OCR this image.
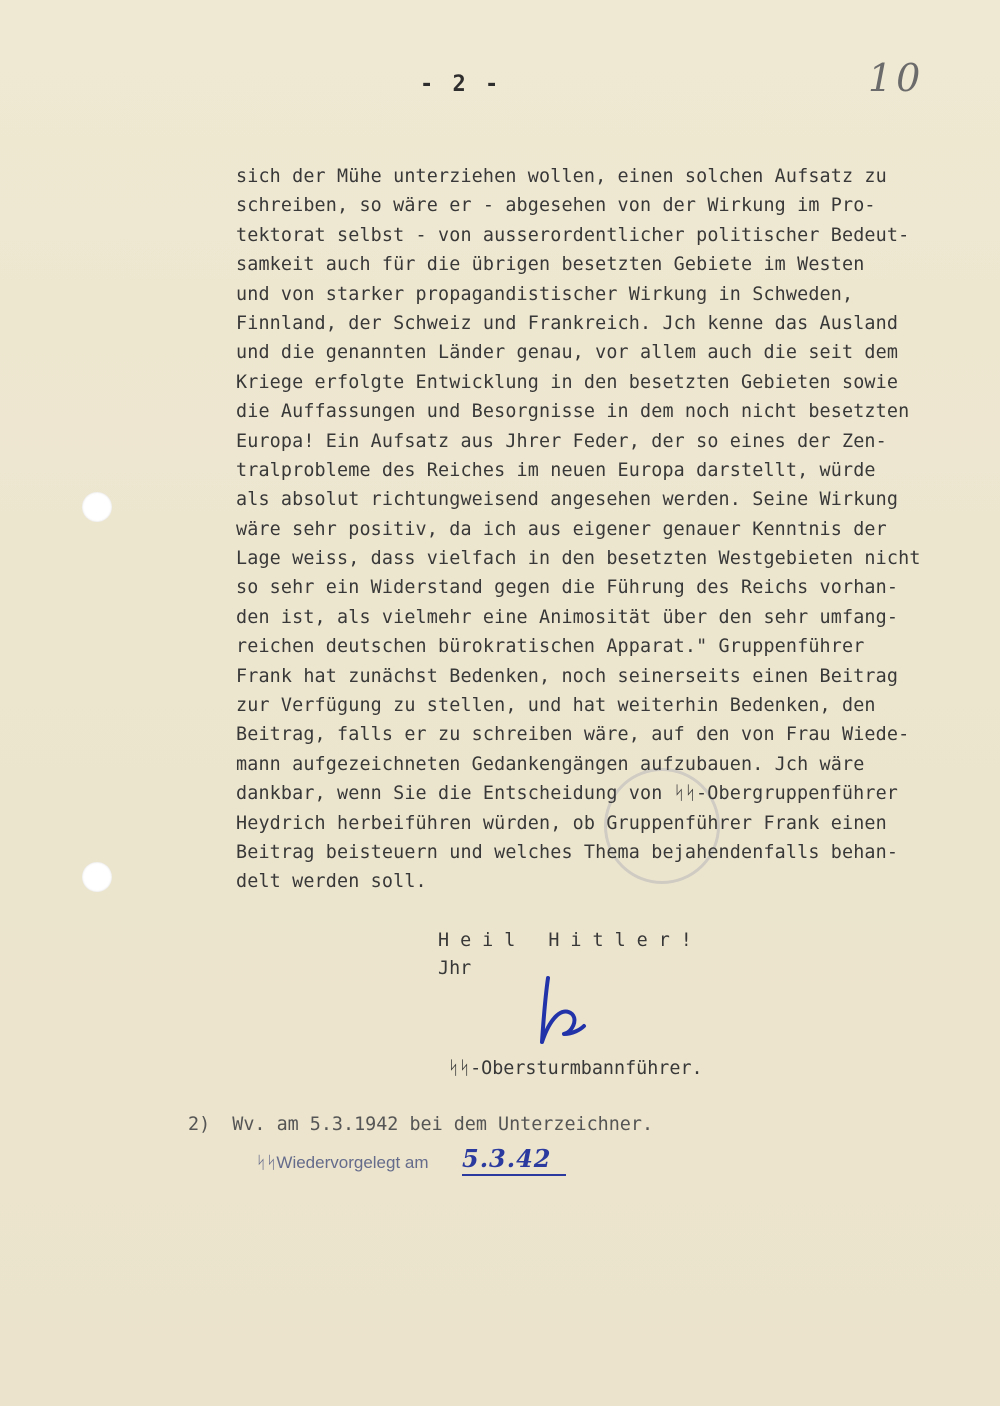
- 2 -	10
sich der Mühe unterziehen wollen, einen solchen Aufsatz zu
schreiben, so wäre er - abgesehen von der Wirkung im Pro-
tektorat selbst - von ausserordentlicher politischer Bedeut-
samkeit auch für die übrigen besetzten Gebiete im Westen
und von starker propagandistischer Wirkung in Schweden,
Finnland, der Schweiz und Frankreich. Jch kenne das Ausland
und die genannten Länder genau, vor allem auch die seit dem
Kriege erfolgte Entwicklung in den besetzten Gebieten sowie
die Auffassungen und Besorgnisse in dem noch nicht besetzten
Europa! Ein Aufsatz aus Jhrer Feder, der so eines der Zen-
tralprobleme des Reiches im neuen Europa darstellt, würde
als absolut richtungweisend angesehen werden. Seine Wirkung
wäre sehr positiv, da ich aus eigener genauer Kenntnis der
Lage weiss, dass vielfach in den besetzten Westgebieten nicht
so sehr ein Widerstand gegen die Führung des Reichs vorhan-
den ist, als vielmehr eine Animosität über den sehr umfang-
reichen deutschen bürokratischen Apparat." Gruppenführer
Frank hat zunächst Bedenken, noch seinerseits einen Beitrag
zur Verfügung zu stellen, und hat weiterhin Bedenken, den
Beitrag, falls er zu schreiben wäre, auf den von Frau Wiede-
mann aufgezeichneten Gedankengängen aufzubauen. Jch wäre
dankbar, wenn Sie die Entscheidung von ᛋᛋ-Obergruppenführer
Heydrich herbeiführen würden, ob Gruppenführer Frank einen
Beitrag beisteuern und welches Thema bejahendenfalls behan-
delt werden soll.
Heil Hitler!
Jhr
ᛋᛋ-Obersturmbannführer.
2)  Wv. am 5.3.1942 bei dem Unterzeichner.
ᛋᛋWiedervorgelegt am 5.3.42
